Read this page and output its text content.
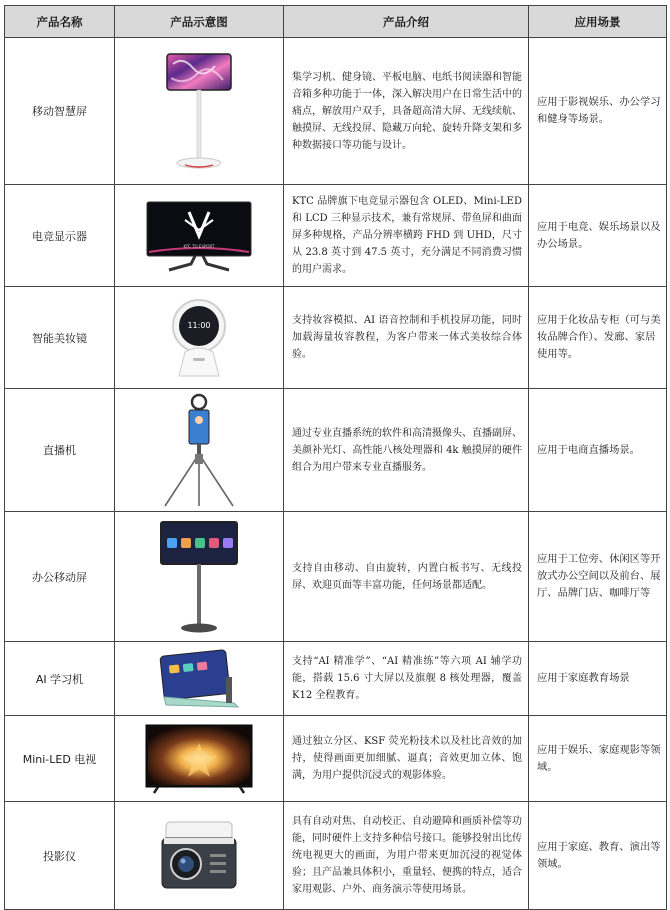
产品名称	产品示意图	产品介绍	应用场景
移动智慧屏		集学习机、健身镜、平板电脑、电纸书阅读器和智能音箱多种功能于一体，深入解决用户在日常生活中的痛点，解放用户双手，具备超高清大屏、无线续航、触摸屏、无线投屏、隐藏万向轮、旋转升降支架和多种数据接口等功能与设计。	应用于影视娱乐、办公学习和健身等场景。
电竞显示器	KTC TO ESPORT	KTC 品牌旗下电竞显示器包含 OLED、Mini-LED 和 LCD 三种显示技术，兼有常规屏、带鱼屏和曲面屏多种规格，产品分辨率横跨 FHD 到 UHD，尺寸从 23.8 英寸到 47.5 英寸，充分满足不同消费习惯的用户需求。	应用于电竞、娱乐场景以及办公场景。
智能美妆镜	11:00	支持妆容模拟、AI 语音控制和手机投屏功能，同时加载海量妆容教程，为客户带来一体式美妆综合体验。	应用于化妆品专柜（可与美妆品牌合作）、发廊、家居使用等。
直播机		通过专业直播系统的软件和高清摄像头、直播副屏、美颜补光灯、高性能八核处理器和 4k 触摸屏的硬件组合为用户带来专业直播服务。	应用于电商直播场景。
办公移动屏		支持自由移动、自由旋转，内置白板书写、无线投屏、欢迎页面等丰富功能，任何场景都适配。	应用于工位旁、休闲区等开放式办公空间以及前台、展厅、品牌门店、咖啡厅等
AI 学习机		支持“AI 精准学”、“AI 精准练”等六项 AI 辅学功能，搭载 15.6 寸大屏以及旗舰 8 核处理器，覆盖 K12 全程教育。	应用于家庭教育场景
Mini-LED 电视		通过独立分区、KSF 荧光粉技术以及杜比音效的加持，使得画面更加细腻、逼真；音效更加立体、饱满，为用户提供沉浸式的观影体验。	应用于娱乐、家庭观影等领域。
投影仪		具有自动对焦、自动校正、自动避障和画质补偿等功能，同时硬件上支持多种信号接口。能够投射出比传统电视更大的画面，为用户带来更加沉浸的视觉体验；且产品兼具体积小，重量轻、便携的特点，适合家用观影、户外、商务演示等使用场景。	应用于家庭、教育、演出等领域。
